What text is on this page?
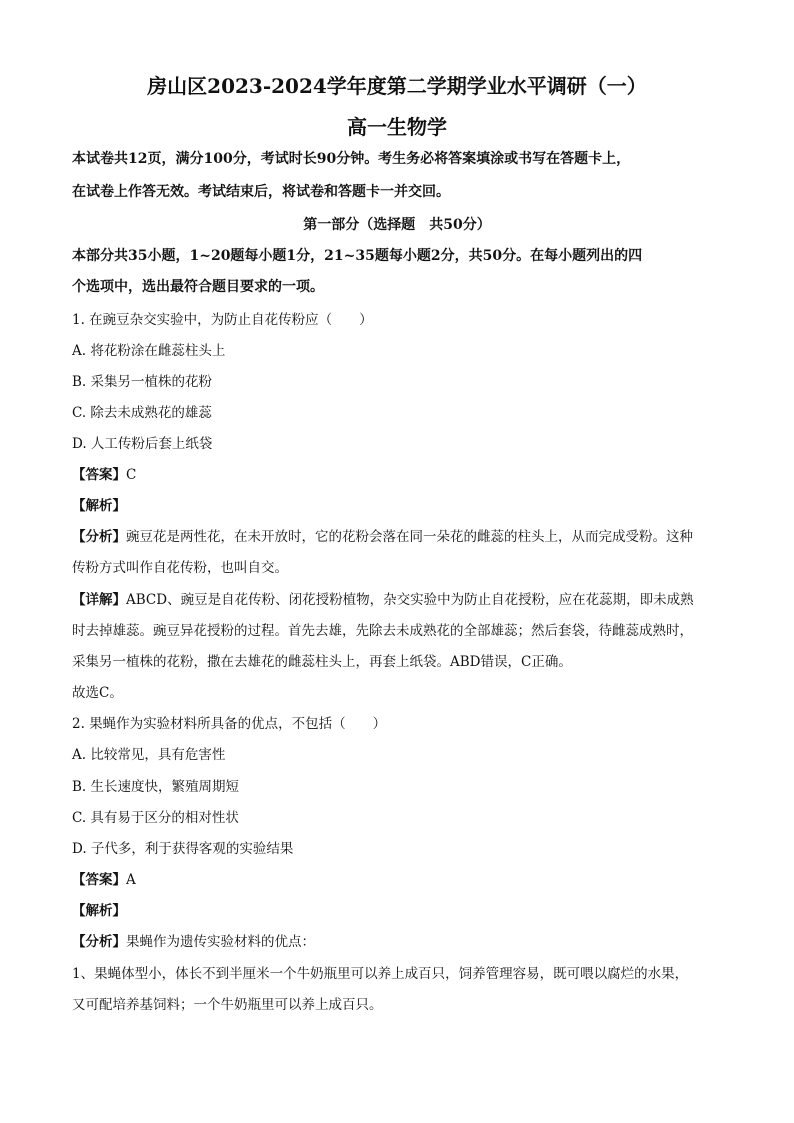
房山区2023-2024学年度第二学期学业水平调研（一）
高一生物学
本试卷共12页，满分100分，考试时长90分钟。考生务必将答案填涂或书写在答题卡上，
在试卷上作答无效。考试结束后，将试卷和答题卡一并交回。
第一部分（选择题　共50分）
本部分共35小题，1~20题每小题1分，21~35题每小题2分，共50分。在每小题列出的四
个选项中，选出最符合题目要求的一项。
1. 在豌豆杂交实验中，为防止自花传粉应（　　）
A. 将花粉涂在雌蕊柱头上
B. 采集另一植株的花粉
C. 除去未成熟花的雄蕊
D. 人工传粉后套上纸袋
【答案】C
【解析】
【分析】豌豆花是两性花，在未开放时，它的花粉会落在同一朵花的雌蕊的柱头上，从而完成受粉。这种
传粉方式叫作自花传粉，也叫自交。
【详解】ABCD、豌豆是自花传粉、闭花授粉植物，杂交实验中为防止自花授粉，应在花蕊期，即未成熟
时去掉雄蕊。豌豆异花授粉的过程。首先去雄，先除去未成熟花的全部雄蕊；然后套袋，待雌蕊成熟时，
采集另一植株的花粉，撒在去雄花的雌蕊柱头上，再套上纸袋。ABD错误，C正确。
故选C。
2. 果蝇作为实验材料所具备的优点，不包括（　　）
A. 比较常见，具有危害性
B. 生长速度快，繁殖周期短
C. 具有易于区分的相对性状
D. 子代多，利于获得客观的实验结果
【答案】A
【解析】
【分析】果蝇作为遗传实验材料的优点：
1、果蝇体型小，体长不到半厘米一个牛奶瓶里可以养上成百只，饲养管理容易，既可喂以腐烂的水果，
又可配培养基饲料；一个牛奶瓶里可以养上成百只。
